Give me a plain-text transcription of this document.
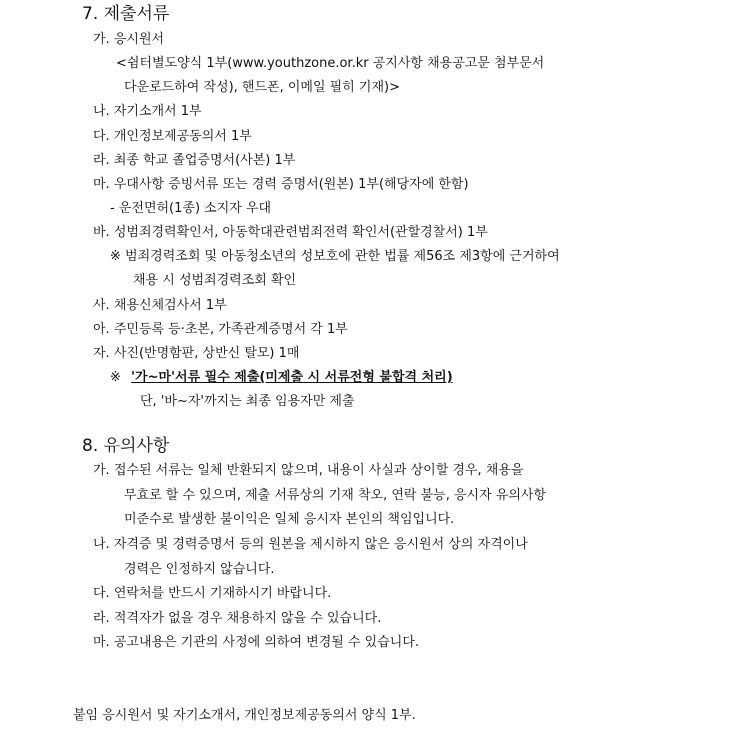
7. 제출서류
가. 응시원서
<쉼터별도양식 1부(www.youthzone.or.kr 공지사항 채용공고문 첨부문서
다운로드하여 작성), 핸드폰, 이메일 필히 기재)>
나. 자기소개서 1부
다. 개인정보제공동의서 1부
라. 최종 학교 졸업증명서(사본) 1부
마. 우대사항 증빙서류 또는 경력 증명서(원본) 1부(해당자에 한함)
- 운전면허(1종) 소지자 우대
바. 성범죄경력확인서, 아동학대관련범죄전력 확인서(관할경찰서) 1부
※ 범죄경력조회 및 아동청소년의 성보호에 관한 법률 제56조 제3항에 근거하여
채용 시 성범죄경력조회 확인
사. 채용신체검사서 1부
아. 주민등록 등·초본, 가족관계증명서 각 1부
자. 사진(반명함판, 상반신 탈모) 1매
※ '가~마'서류 필수 제출(미제출 시 서류전형 불합격 처리)
단, '바~자'까지는 최종 임용자만 제출
8. 유의사항
가. 접수된 서류는 일체 반환되지 않으며, 내용이 사실과 상이할 경우, 채용을
무효로 할 수 있으며, 제출 서류상의 기재 착오, 연락 불능, 응시자 유의사항
미준수로 발생한 불이익은 일체 응시자 본인의 책임입니다.
나. 자격증 및 경력증명서 등의 원본을 제시하지 않은 응시원서 상의 자격이나
경력은 인정하지 않습니다.
다. 연락처를 반드시 기재하시기 바랍니다.
라. 적격자가 없을 경우 채용하지 않을 수 있습니다.
마. 공고내용은 기관의 사정에 의하여 변경될 수 있습니다.
붙임 응시원서 및 자기소개서, 개인정보제공동의서 양식 1부.
